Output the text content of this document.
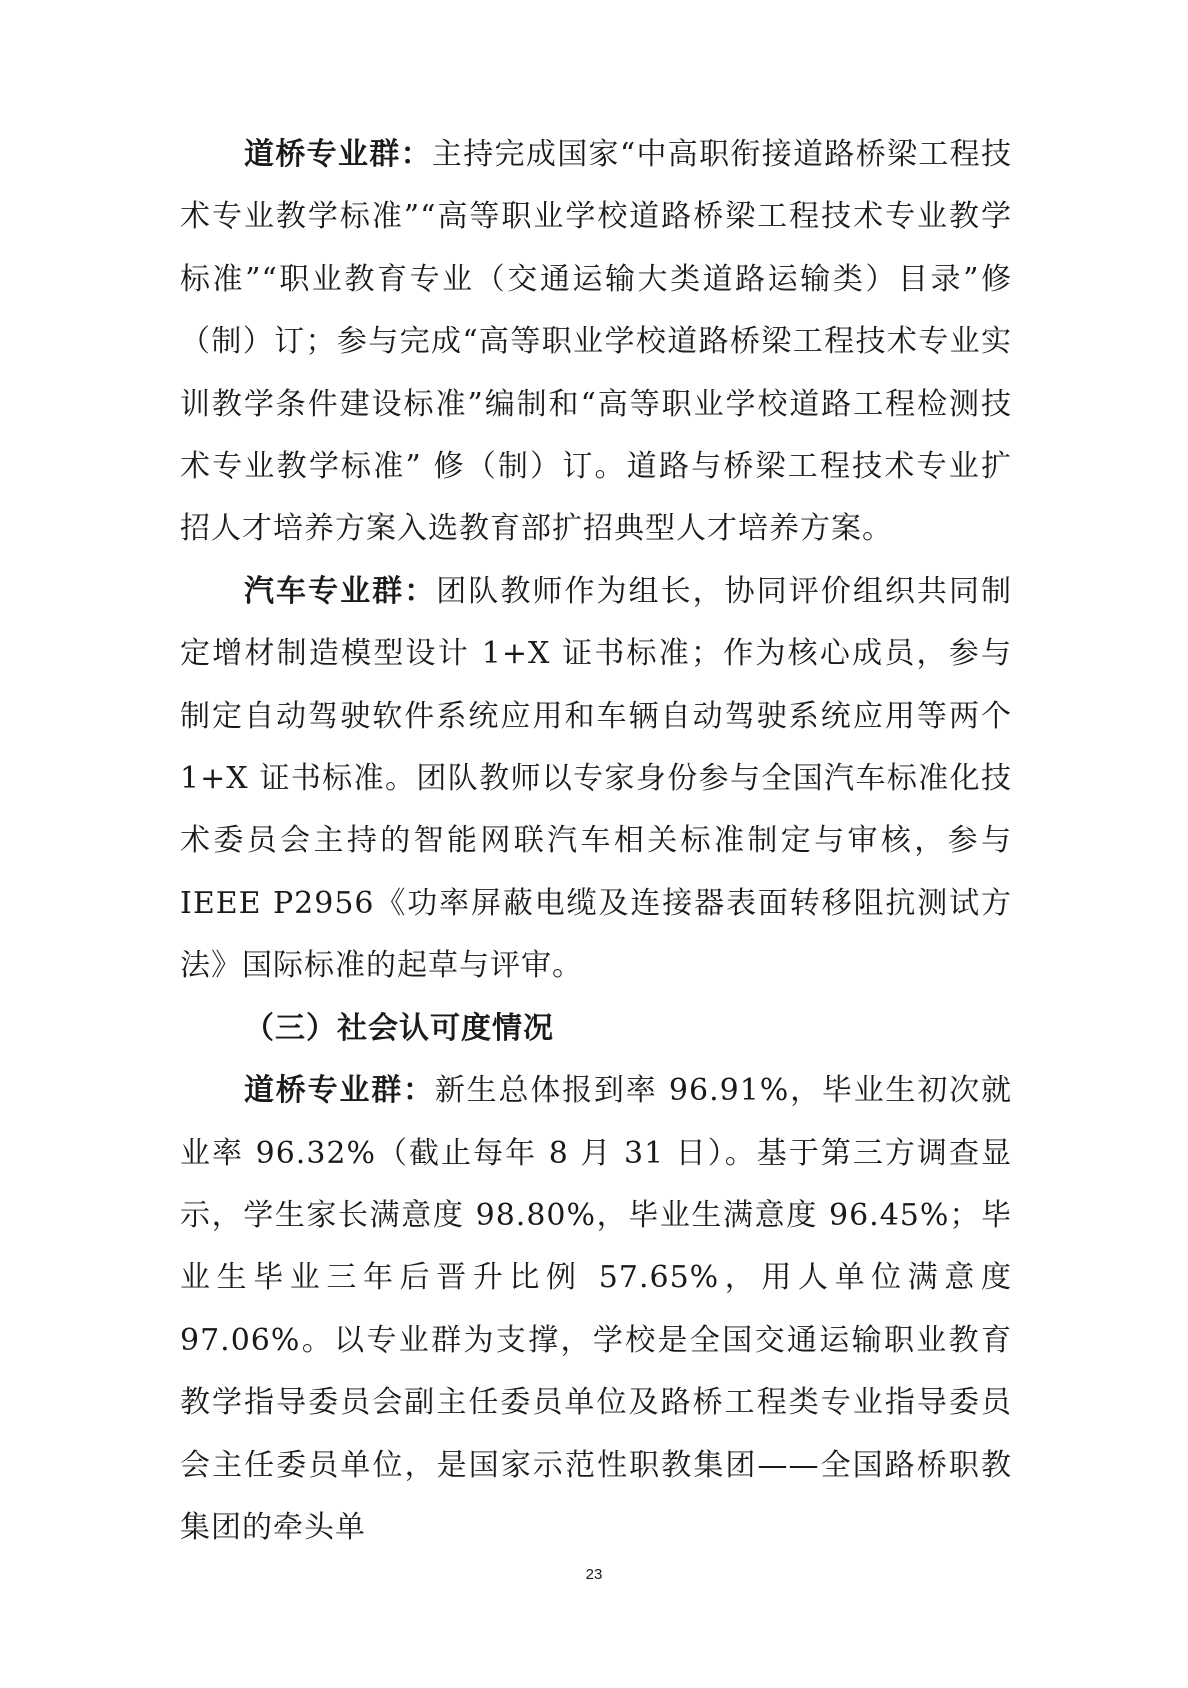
道桥专业群：主持完成国家“中高职衔接道路桥梁工程技术专业教学标准”“高等职业学校道路桥梁工程技术专业教学标准”“职业教育专业（交通运输大类道路运输类）目录”修（制）订；参与完成“高等职业学校道路桥梁工程技术专业实训教学条件建设标准”编制和“高等职业学校道路工程检测技术专业教学标准” 修（制）订。道路与桥梁工程技术专业扩招人才培养方案入选教育部扩招典型人才培养方案。

汽车专业群：团队教师作为组长，协同评价组织共同制定增材制造模型设计 1+X 证书标准；作为核心成员，参与制定自动驾驶软件系统应用和车辆自动驾驶系统应用等两个 1+X 证书标准。团队教师以专家身份参与全国汽车标准化技术委员会主持的智能网联汽车相关标准制定与审核，参与 IEEE P2956《功率屏蔽电缆及连接器表面转移阻抗测试方法》国际标准的起草与评审。

（三）社会认可度情况

道桥专业群：新生总体报到率 96.91%，毕业生初次就业率 96.32%（截止每年 8 月 31 日）。基于第三方调查显示，学生家长满意度 98.80%，毕业生满意度 96.45%；毕业生毕业三年后晋升比例 57.65%，用人单位满意度 97.06%。以专业群为支撑，学校是全国交通运输职业教育教学指导委员会副主任委员单位及路桥工程类专业指导委员会主任委员单位，是国家示范性职教集团——全国路桥职教集团的牵头单

23
